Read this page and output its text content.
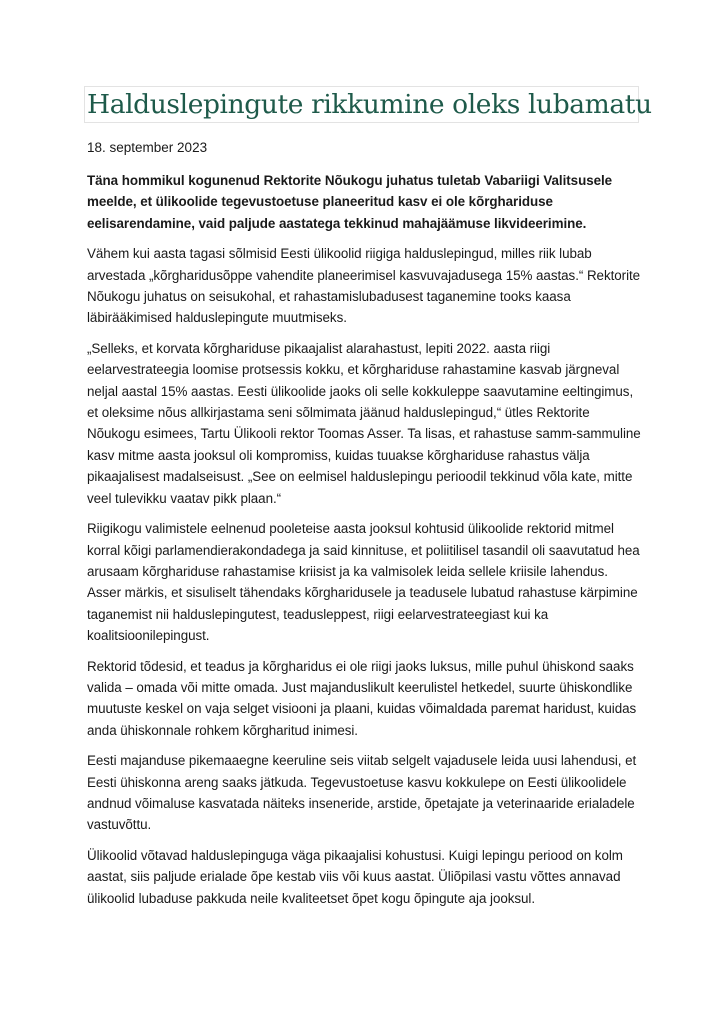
Halduslepingute rikkumine oleks lubamatu
18. september 2023

Täna hommikul kogunenud Rektorite Nõukogu juhatus tuletab Vabariigi Valitsusele meelde, et ülikoolide tegevustoetuse planeeritud kasv ei ole kõrghariduse eelisarendamine, vaid paljude aastatega tekkinud mahajäämuse likvideerimine.

Vähem kui aasta tagasi sõlmisid Eesti ülikoolid riigiga halduslepingud, milles riik lubab arvestada „kõrgharidusõppe vahendite planeerimisel kasvuvajadusega 15% aastas.“ Rektorite Nõukogu juhatus on seisukohal, et rahastamislubadusest taganemine tooks kaasa läbirääkimised halduslepingute muutmiseks.

„Selleks, et korvata kõrghariduse pikaajalist alarahastust, lepiti 2022. aasta riigi eelarvestrateegia loomise protsessis kokku, et kõrghariduse rahastamine kasvab järgneval neljal aastal 15% aastas. Eesti ülikoolide jaoks oli selle kokkuleppe saavutamine eeltingimus, et oleksime nõus allkirjastama seni sõlmimata jäänud halduslepingud,“ ütles Rektorite Nõukogu esimees, Tartu Ülikooli rektor Toomas Asser. Ta lisas, et rahastuse samm-sammuline kasv mitme aasta jooksul oli kompromiss, kuidas tuuakse kõrghariduse rahastus välja pikaajalisest madalseisust. „See on eelmisel halduslepingu perioodil tekkinud võla kate, mitte veel tulevikku vaatav pikk plaan.“

Riigikogu valimistele eelnenud pooleteise aasta jooksul kohtusid ülikoolide rektorid mitmel korral kõigi parlamendierakondadega ja said kinnituse, et poliitilisel tasandil oli saavutatud hea arusaam kõrghariduse rahastamise kriisist ja ka valmisolek leida sellele kriisile lahendus. Asser märkis, et sisuliselt tähendaks kõrgharidusele ja teadusele lubatud rahastuse kärpimine taganemist nii halduslepingutest, teadusleppest, riigi eelarvestrateegiast kui ka koalitsioonilepingust.

Rektorid tõdesid, et teadus ja kõrgharidus ei ole riigi jaoks luksus, mille puhul ühiskond saaks valida – omada või mitte omada. Just majanduslikult keerulistel hetkedel, suurte ühiskondlike muutuste keskel on vaja selget visiooni ja plaani, kuidas võimaldada paremat haridust, kuidas anda ühiskonnale rohkem kõrgharitud inimesi.

Eesti majanduse pikemaaegne keeruline seis viitab selgelt vajadusele leida uusi lahendusi, et Eesti ühiskonna areng saaks jätkuda. Tegevustoetuse kasvu kokkulepe on Eesti ülikoolidele andnud võimaluse kasvatada näiteks inseneride, arstide, õpetajate ja veterinaaride erialadele vastuvõttu.

Ülikoolid võtavad halduslepinguga väga pikaajalisi kohustusi. Kuigi lepingu periood on kolm aastat, siis paljude erialade õpe kestab viis või kuus aastat. Üliõpilasi vastu võttes annavad ülikoolid lubaduse pakkuda neile kvaliteetset õpet kogu õpingute aja jooksul.
